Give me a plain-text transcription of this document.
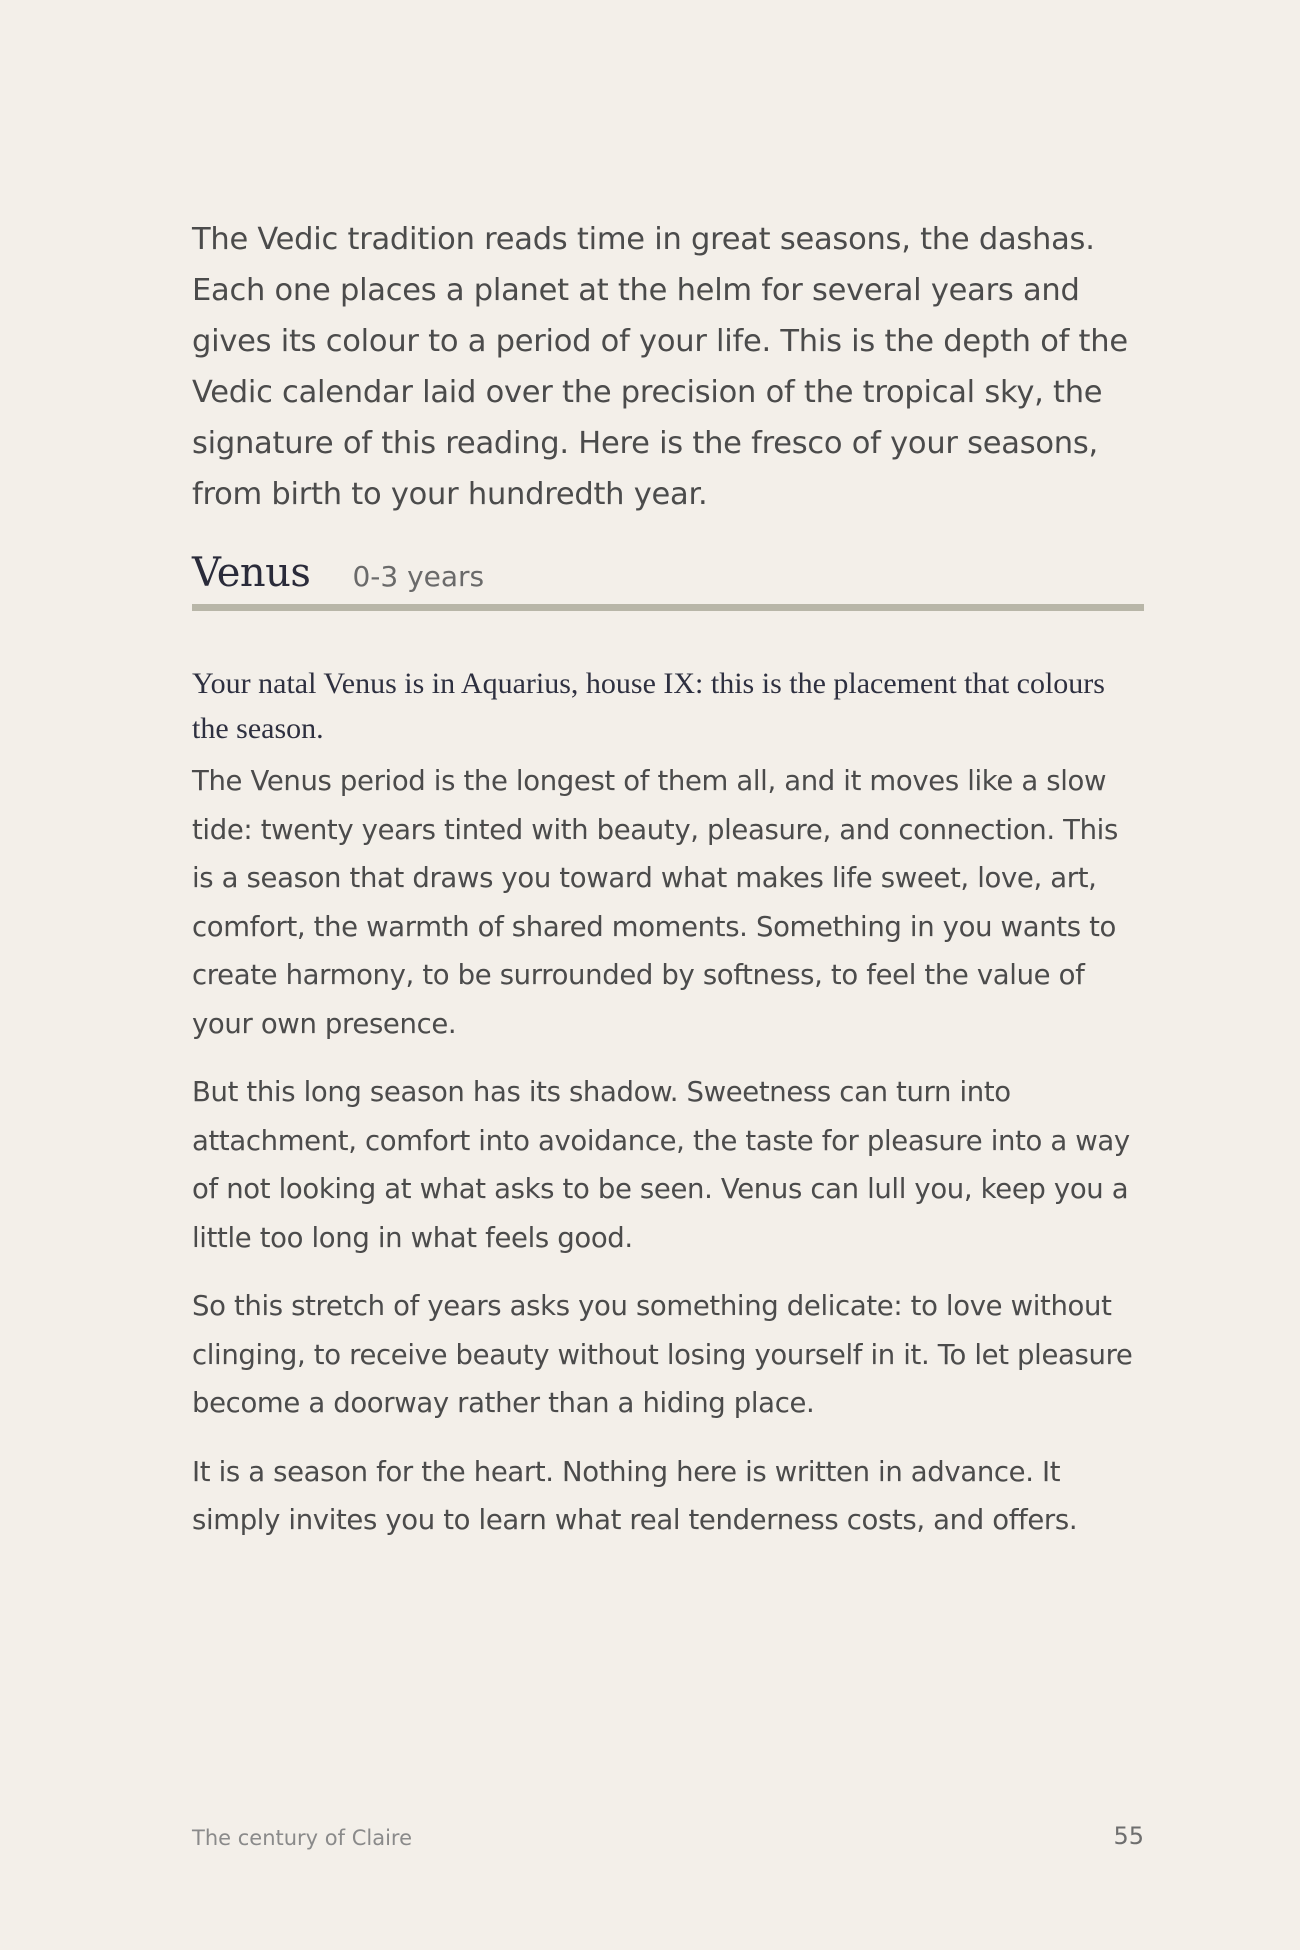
The Vedic tradition reads time in great seasons, the dashas. Each one places a planet at the helm for several years and gives its colour to a period of your life. This is the depth of the Vedic calendar laid over the precision of the tropical sky, the signature of this reading. Here is the fresco of your seasons, from birth to your hundredth year.

Venus 0-3 years

Your natal Venus is in Aquarius, house IX: this is the placement that colours the season.

The Venus period is the longest of them all, and it moves like a slow tide: twenty years tinted with beauty, pleasure, and connection. This is a season that draws you toward what makes life sweet, love, art, comfort, the warmth of shared moments. Something in you wants to create harmony, to be surrounded by softness, to feel the value of your own presence.

But this long season has its shadow. Sweetness can turn into attachment, comfort into avoidance, the taste for pleasure into a way of not looking at what asks to be seen. Venus can lull you, keep you a little too long in what feels good.

So this stretch of years asks you something delicate: to love without clinging, to receive beauty without losing yourself in it. To let pleasure become a doorway rather than a hiding place.

It is a season for the heart. Nothing here is written in advance. It simply invites you to learn what real tenderness costs, and offers.

The century of Claire	55
